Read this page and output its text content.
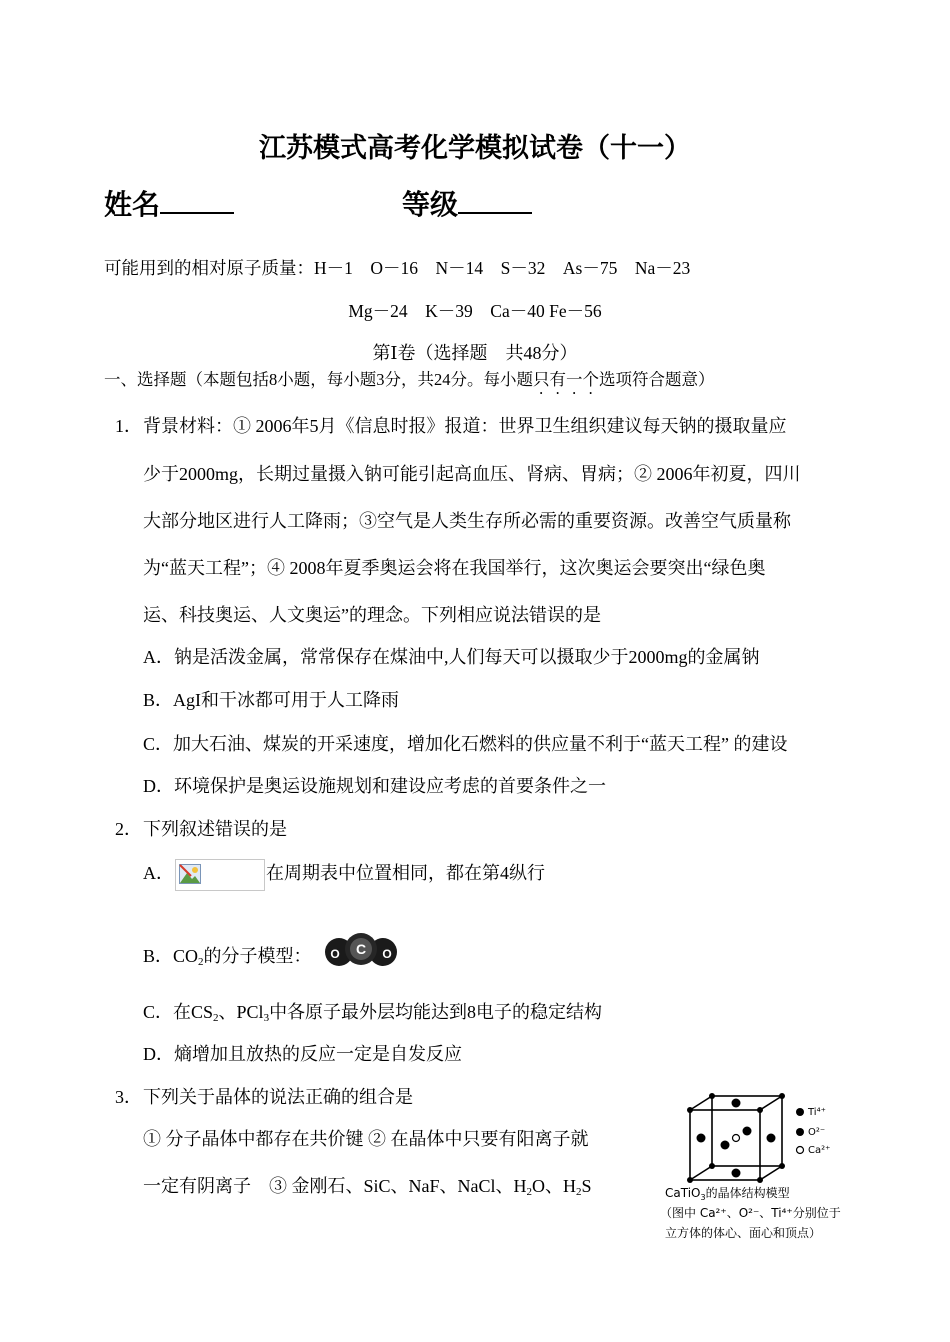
江苏模式高考化学模拟试卷（十一）
姓名	等级
可能用到的相对原子质量：H－1　O－16　N－14　S－32　As－75　Na－23
Mg－24　K－39　Ca－40 Fe－56
第Ⅰ卷（选择题　共48分）
一、选择题（本题包括8小题，每小题3分，共24分。每小题只有一个选项符合题意）
1． 背景材料：① 2006年5月《信息时报》报道：世界卫生组织建议每天钠的摄取量应
少于2000mg，长期过量摄入钠可能引起高血压、肾病、胃病；② 2006年初夏，四川
大部分地区进行人工降雨；③空气是人类生存所必需的重要资源。改善空气质量称
为“蓝天工程”；④ 2008年夏季奥运会将在我国举行，这次奥运会要突出“绿色奥
运、科技奥运、人文奥运”的理念。下列相应说法错误的是
A．钠是活泼金属，常常保存在煤油中,人们每天可以摄取少于2000mg的金属钠
B．AgI和干冰都可用于人工降雨
C．加大石油、煤炭的开采速度，增加化石燃料的供应量不利于“蓝天工程” 的建设
D．环境保护是奥运设施规划和建设应考虑的首要条件之一
2． 下列叙述错误的是
A．	在周期表中位置相同，都在第4纵行
B．$CO_2$的分子模型：	C
O	O
C．在$CS_2$、PCl$_3$中各原子最外层均能达到8电子的稳定结构
D．熵增加且放热的反应一定是自发反应
3． 下列关于晶体的说法正确的组合是
① 分子晶体中都存在共价键 ② 在晶体中只要有阳离子就
一定有阴离子　③ 金刚石、SiC、NaF、NaCl、$H_2O$、$H_2S$
Ti⁴⁺
O²⁻
Ca²⁺
CaTiO$_3$的晶体结构模型
（图中 Ca²⁺、O²⁻、Ti⁴⁺分别位于
立方体的体心、面心和顶点）
